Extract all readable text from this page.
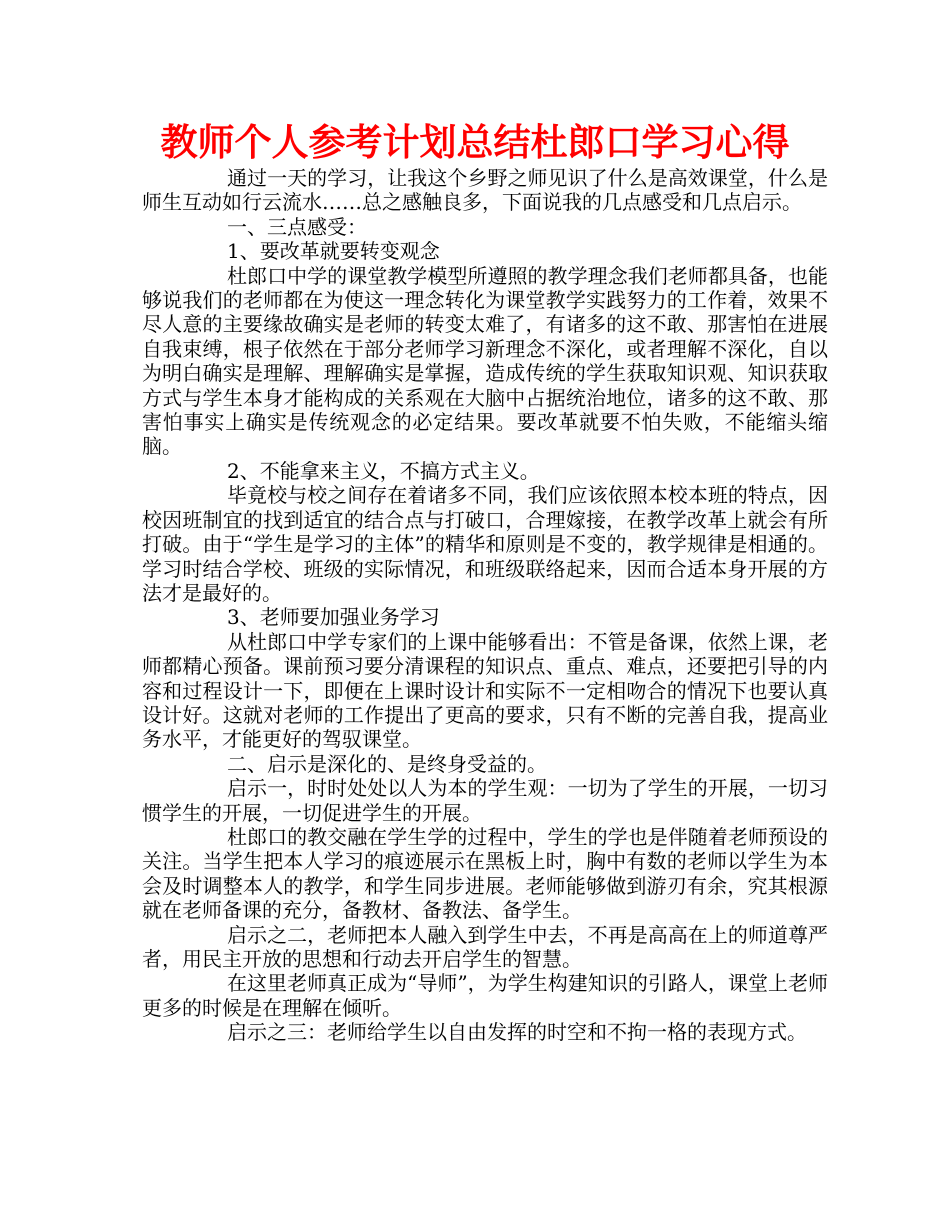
教师个人参考计划总结杜郎口学习心得

通过一天的学习，让我这个乡野之师见识了什么是高效课堂，什么是师生互动如行云流水……总之感触良多，下面说我的几点感受和几点启示。

一、三点感受：

1、要改革就要转变观念

杜郎口中学的课堂教学模型所遵照的教学理念我们老师都具备，也能够说我们的老师都在为使这一理念转化为课堂教学实践努力的工作着，效果不尽人意的主要缘故确实是老师的转变太难了，有诸多的这不敢、那害怕在进展自我束缚，根子依然在于部分老师学习新理念不深化，或者理解不深化，自以为明白确实是理解、理解确实是掌握，造成传统的学生获取知识观、知识获取方式与学生本身才能构成的关系观在大脑中占据统治地位，诸多的这不敢、那害怕事实上确实是传统观念的必定结果。要改革就要不怕失败，不能缩头缩脑。

2、不能拿来主义，不搞方式主义。

毕竟校与校之间存在着诸多不同，我们应该依照本校本班的特点，因校因班制宜的找到适宜的结合点与打破口，合理嫁接，在教学改革上就会有所打破。由于“学生是学习的主体”的精华和原则是不变的，教学规律是相通的。学习时结合学校、班级的实际情况，和班级联络起来，因而合适本身开展的方法才是最好的。

3、老师要加强业务学习

从杜郎口中学专家们的上课中能够看出：不管是备课，依然上课，老师都精心预备。课前预习要分清课程的知识点、重点、难点，还要把引导的内容和过程设计一下，即便在上课时设计和实际不一定相吻合的情况下也要认真设计好。这就对老师的工作提出了更高的要求，只有不断的完善自我，提高业务水平，才能更好的驾驭课堂。

二、启示是深化的、是终身受益的。

启示一，时时处处以人为本的学生观：一切为了学生的开展，一切习惯学生的开展，一切促进学生的开展。

杜郎口的教交融在学生学的过程中，学生的学也是伴随着老师预设的关注。当学生把本人学习的痕迹展示在黑板上时，胸中有数的老师以学生为本会及时调整本人的教学，和学生同步进展。老师能够做到游刃有余，究其根源就在老师备课的充分，备教材、备教法、备学生。

启示之二，老师把本人融入到学生中去，不再是高高在上的师道尊严者，用民主开放的思想和行动去开启学生的智慧。

在这里老师真正成为“导师”，为学生构建知识的引路人，课堂上老师更多的时候是在理解在倾听。

启示之三：老师给学生以自由发挥的时空和不拘一格的表现方式。
